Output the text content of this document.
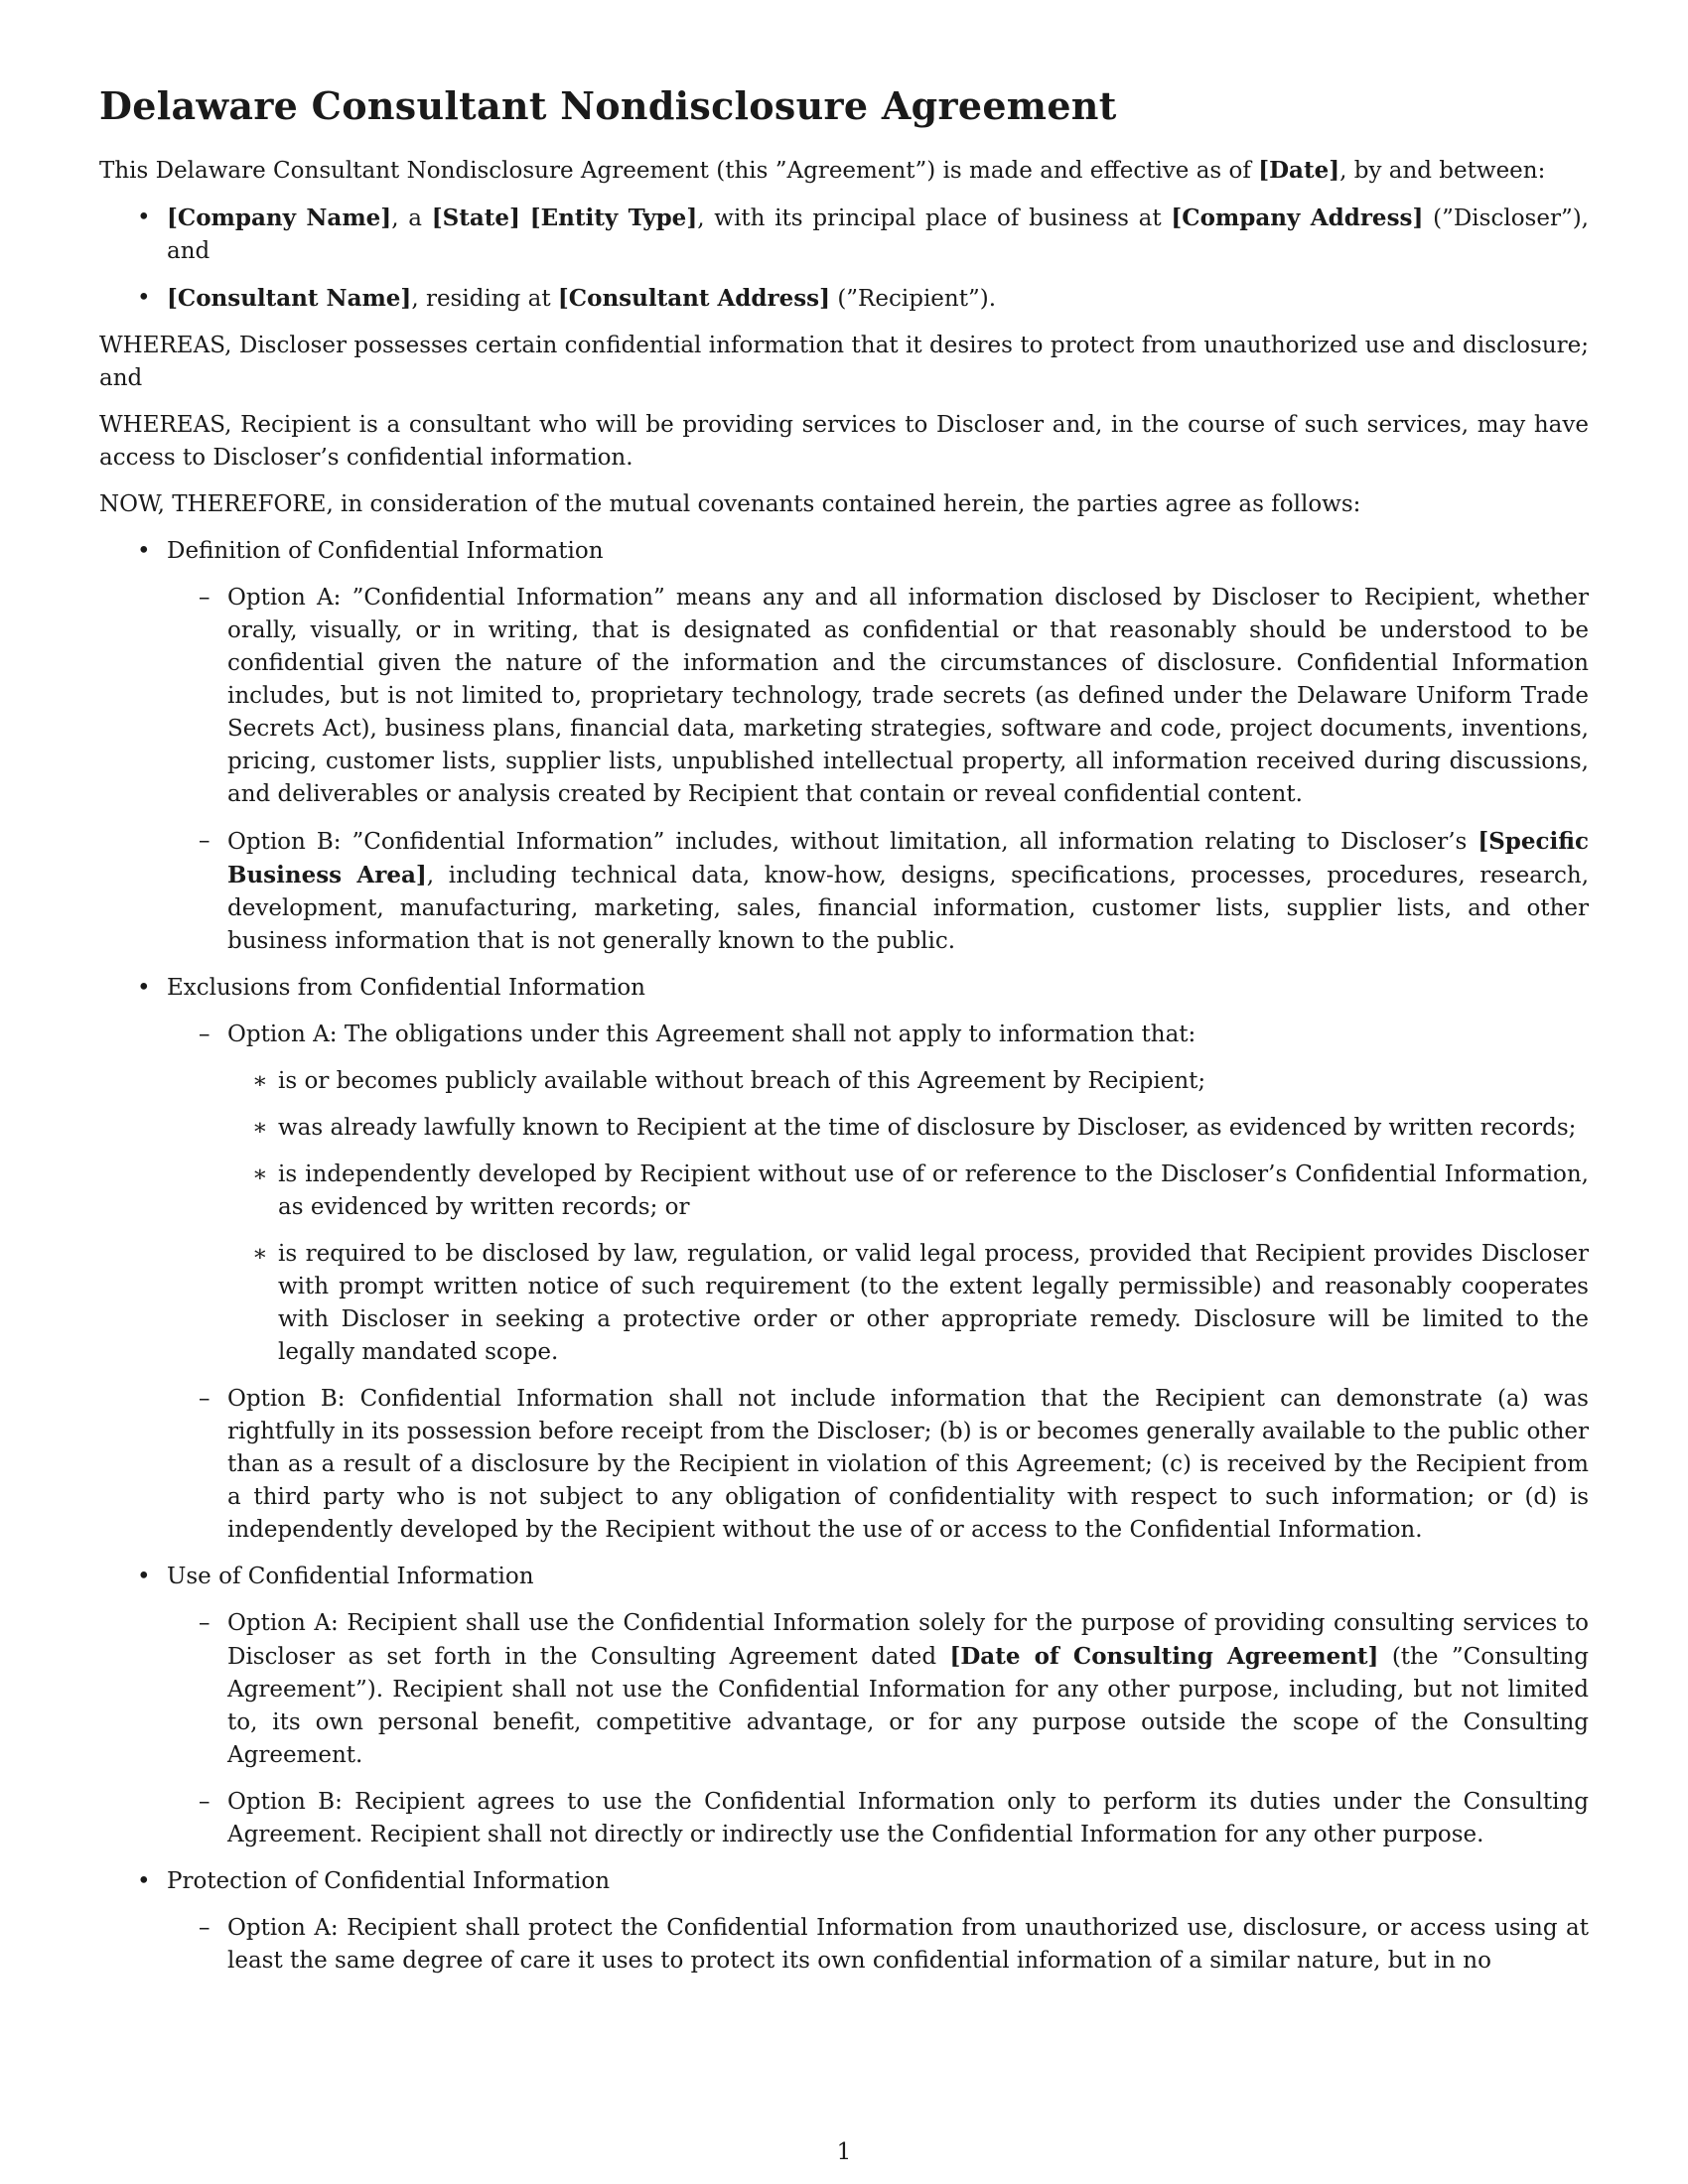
Delaware Consultant Nondisclosure Agreement

This Delaware Consultant Nondisclosure Agreement (this ”Agreement”) is made and effective as of [Date], by and between:

• [Company Name], a [State] [Entity Type], with its principal place of business at [Company Address] (”Discloser”), and
• [Consultant Name], residing at [Consultant Address] (”Recipient”).

WHEREAS, Discloser possesses certain confidential information that it desires to protect from unauthorized use and disclosure; and

WHEREAS, Recipient is a consultant who will be providing services to Discloser and, in the course of such services, may have access to Discloser’s confidential information.

NOW, THEREFORE, in consideration of the mutual covenants contained herein, the parties agree as follows:

• Definition of Confidential Information
– Option A: ”Confidential Information” means any and all information disclosed by Discloser to Recipient, whether orally, visually, or in writing, that is designated as confidential or that reasonably should be understood to be confidential given the nature of the information and the circumstances of disclosure. Confidential Information includes, but is not limited to, proprietary technology, trade secrets (as defined under the Delaware Uniform Trade Secrets Act), business plans, financial data, marketing strategies, software and code, project documents, inventions, pricing, customer lists, supplier lists, unpublished intellectual property, all information received during discussions, and deliverables or analysis created by Recipient that contain or reveal confidential content.
– Option B: ”Confidential Information” includes, without limitation, all information relating to Discloser’s [Specific Business Area], including technical data, know-how, designs, specifications, processes, procedures, research, development, manufacturing, marketing, sales, financial information, customer lists, supplier lists, and other business information that is not generally known to the public.
• Exclusions from Confidential Information
– Option A: The obligations under this Agreement shall not apply to information that:
∗ is or becomes publicly available without breach of this Agreement by Recipient;
∗ was already lawfully known to Recipient at the time of disclosure by Discloser, as evidenced by written records;
∗ is independently developed by Recipient without use of or reference to the Discloser’s Confidential Information, as evidenced by written records; or
∗ is required to be disclosed by law, regulation, or valid legal process, provided that Recipient provides Discloser with prompt written notice of such requirement (to the extent legally permissible) and reasonably cooperates with Discloser in seeking a protective order or other appropriate remedy. Disclosure will be limited to the legally mandated scope.
– Option B: Confidential Information shall not include information that the Recipient can demonstrate (a) was rightfully in its possession before receipt from the Discloser; (b) is or becomes generally available to the public other than as a result of a disclosure by the Recipient in violation of this Agreement; (c) is received by the Recipient from a third party who is not subject to any obligation of confidentiality with respect to such information; or (d) is independently developed by the Recipient without the use of or access to the Confidential Information.
• Use of Confidential Information
– Option A: Recipient shall use the Confidential Information solely for the purpose of providing consulting services to Discloser as set forth in the Consulting Agreement dated [Date of Consulting Agreement] (the ”Consulting Agreement”). Recipient shall not use the Confidential Information for any other purpose, including, but not limited to, its own personal benefit, competitive advantage, or for any purpose outside the scope of the Consulting Agreement.
– Option B: Recipient agrees to use the Confidential Information only to perform its duties under the Consulting Agreement. Recipient shall not directly or indirectly use the Confidential Information for any other purpose.
• Protection of Confidential Information
– Option A: Recipient shall protect the Confidential Information from unauthorized use, disclosure, or access using at least the same degree of care it uses to protect its own confidential information of a similar nature, but in no
1
